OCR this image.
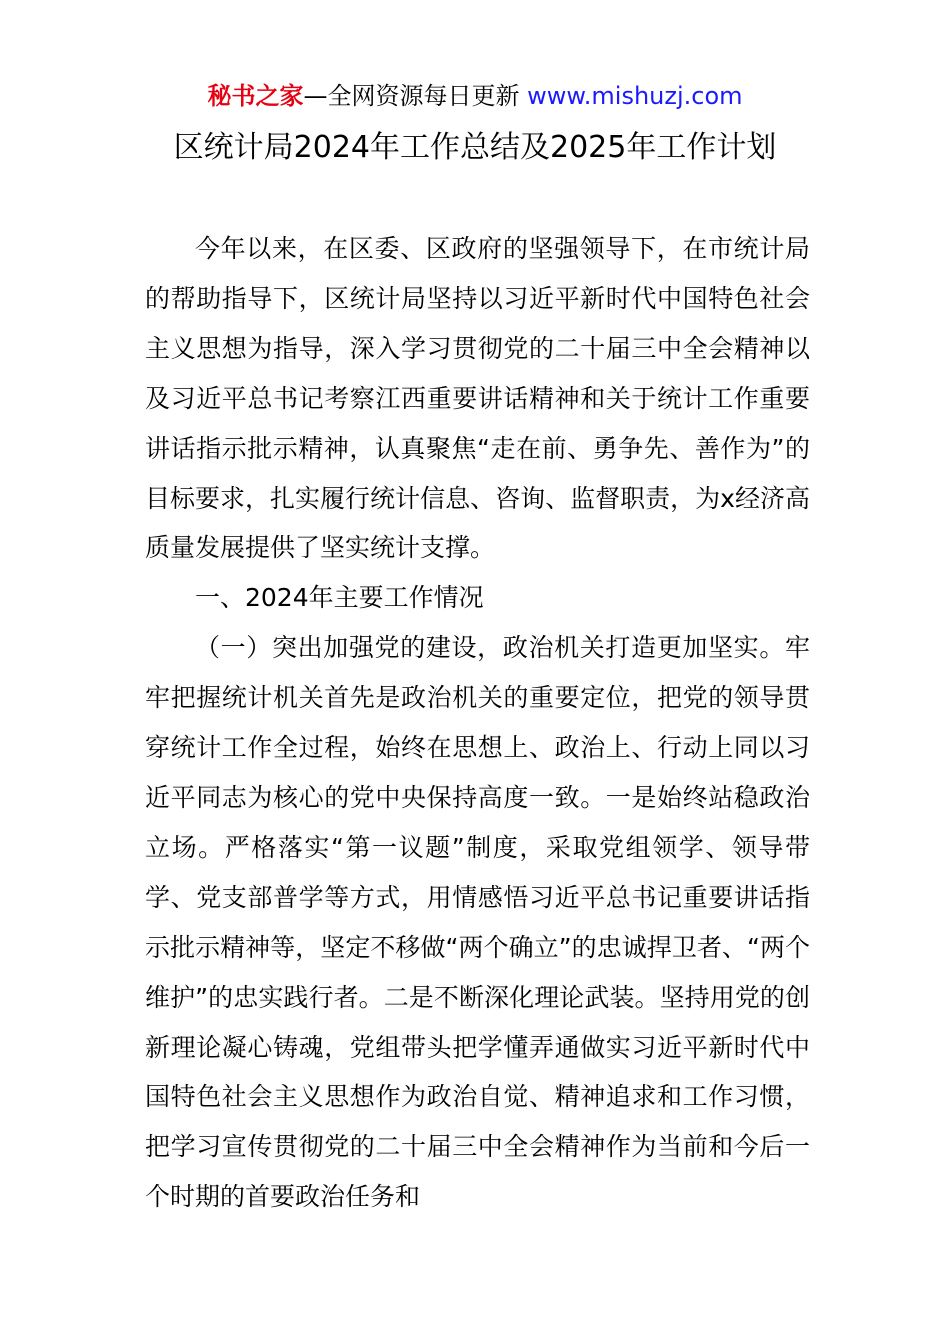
秘书之家—全网资源每日更新 www.mishuzj.com
区统计局2024年工作总结及2025年工作计划

今年以来，在区委、区政府的坚强领导下，在市统计局的帮助指导下，区统计局坚持以习近平新时代中国特色社会主义思想为指导，深入学习贯彻党的二十届三中全会精神以及习近平总书记考察江西重要讲话精神和关于统计工作重要讲话指示批示精神，认真聚焦“走在前、勇争先、善作为”的目标要求，扎实履行统计信息、咨询、监督职责，为x经济高质量发展提供了坚实统计支撑。

一、2024年主要工作情况

（一）突出加强党的建设，政治机关打造更加坚实。牢牢把握统计机关首先是政治机关的重要定位，把党的领导贯穿统计工作全过程，始终在思想上、政治上、行动上同以习近平同志为核心的党中央保持高度一致。一是始终站稳政治立场。严格落实“第一议题”制度，采取党组领学、领导带学、党支部普学等方式，用情感悟习近平总书记重要讲话指示批示精神等，坚定不移做“两个确立”的忠诚捍卫者、“两个维护”的忠实践行者。二是不断深化理论武装。坚持用党的创新理论凝心铸魂，党组带头把学懂弄通做实习近平新时代中国特色社会主义思想作为政治自觉、精神追求和工作习惯，把学习宣传贯彻党的二十届三中全会精神作为当前和今后一个时期的首要政治任务和
